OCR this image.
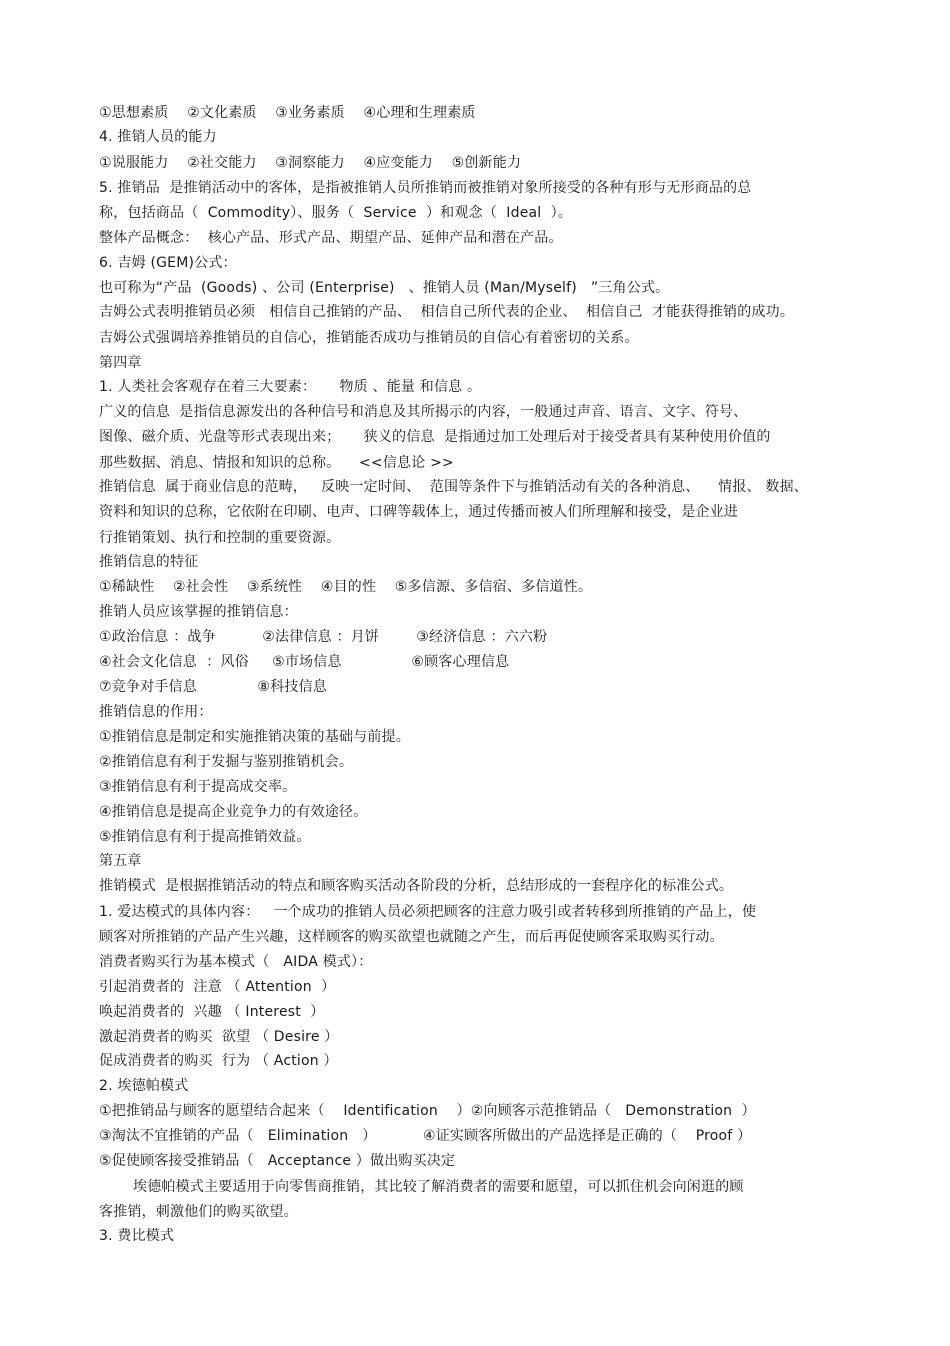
①思想素质    ②文化素质    ③业务素质    ④心理和生理素质
4. 推销人员的能力
①说服能力    ②社交能力    ③洞察能力    ④应变能力    ⑤创新能力
5. 推销品  是推销活动中的客体，是指被推销人员所推销而被推销对象所接受的各种有形与无形商品的总
称，包括商品（  Commodity）、服务（  Service  ）和观念（  Ideal  ）。
整体产品概念：  核心产品、形式产品、期望产品、延伸产品和潜在产品。
6. 吉姆 (GEM)公式：
也可称为“产品  (Goods) 、公司 (Enterprise)   、推销人员 (Man/Myself)   ”三角公式。
吉姆公式表明推销员必须   相信自己推销的产品、  相信自己所代表的企业、  相信自己  才能获得推销的成功。
吉姆公式强调培养推销员的自信心，推销能否成功与推销员的自信心有着密切的关系。
第四章
1. 人类社会客观存在着三大要素：     物质 、能量 和信息 。
广义的信息  是指信息源发出的各种信号和消息及其所揭示的内容，一般通过声音、语言、文字、符号、
图像、磁介质、光盘等形式表现出来；     狭义的信息  是指通过加工处理后对于接受者具有某种使用价值的
那些数据、消息、情报和知识的总称。    <<信息论 >>
推销信息  属于商业信息的范畴，   反映一定时间、  范围等条件下与推销活动有关的各种消息、    情报、 数据、
资料和知识的总称，它依附在印刷、电声、口碑等载体上，通过传播而被人们所理解和接受，是企业进
行推销策划、执行和控制的重要资源。
推销信息的特征
①稀缺性    ②社会性    ③系统性    ④目的性    ⑤多信源、多信宿、多信道性。
推销人员应该掌握的推销信息：
①政治信息 ：战争          ②法律信息 ：月饼        ③经济信息 ：六六粉
④社会文化信息  ：风俗     ⑤市场信息               ⑥顾客心理信息
⑦竞争对手信息             ⑧科技信息
推销信息的作用：
①推销信息是制定和实施推销决策的基础与前提。
②推销信息有利于发掘与鉴别推销机会。
③推销信息有利于提高成交率。
④推销信息是提高企业竞争力的有效途径。
⑤推销信息有利于提高推销效益。
第五章
推销模式  是根据推销活动的特点和顾客购买活动各阶段的分析，总结形成的一套程序化的标准公式。
1. 爱达模式的具体内容：   一个成功的推销人员必须把顾客的注意力吸引或者转移到所推销的产品上，使
顾客对所推销的产品产生兴趣，这样顾客的购买欲望也就随之产生，而后再促使顾客采取购买行动。
消费者购买行为基本模式（   AIDA 模式）：
引起消费者的  注意 （ Attention  ）
唤起消费者的  兴趣 （ Interest  ）
激起消费者的购买  欲望 （ Desire ）
促成消费者的购买  行为 （ Action ）
2. 埃德帕模式
①把推销品与顾客的愿望结合起来（    Identification    ）②向顾客示范推销品（   Demonstration  ）
③淘汰不宜推销的产品（   Elimination   ）          ④证实顾客所做出的产品选择是正确的（    Proof ）
⑤促使顾客接受推销品（   Acceptance ）做出购买决定
埃德帕模式主要适用于向零售商推销，其比较了解消费者的需要和愿望，可以抓住机会向闲逛的顾
客推销，刺激他们的购买欲望。
3. 费比模式
